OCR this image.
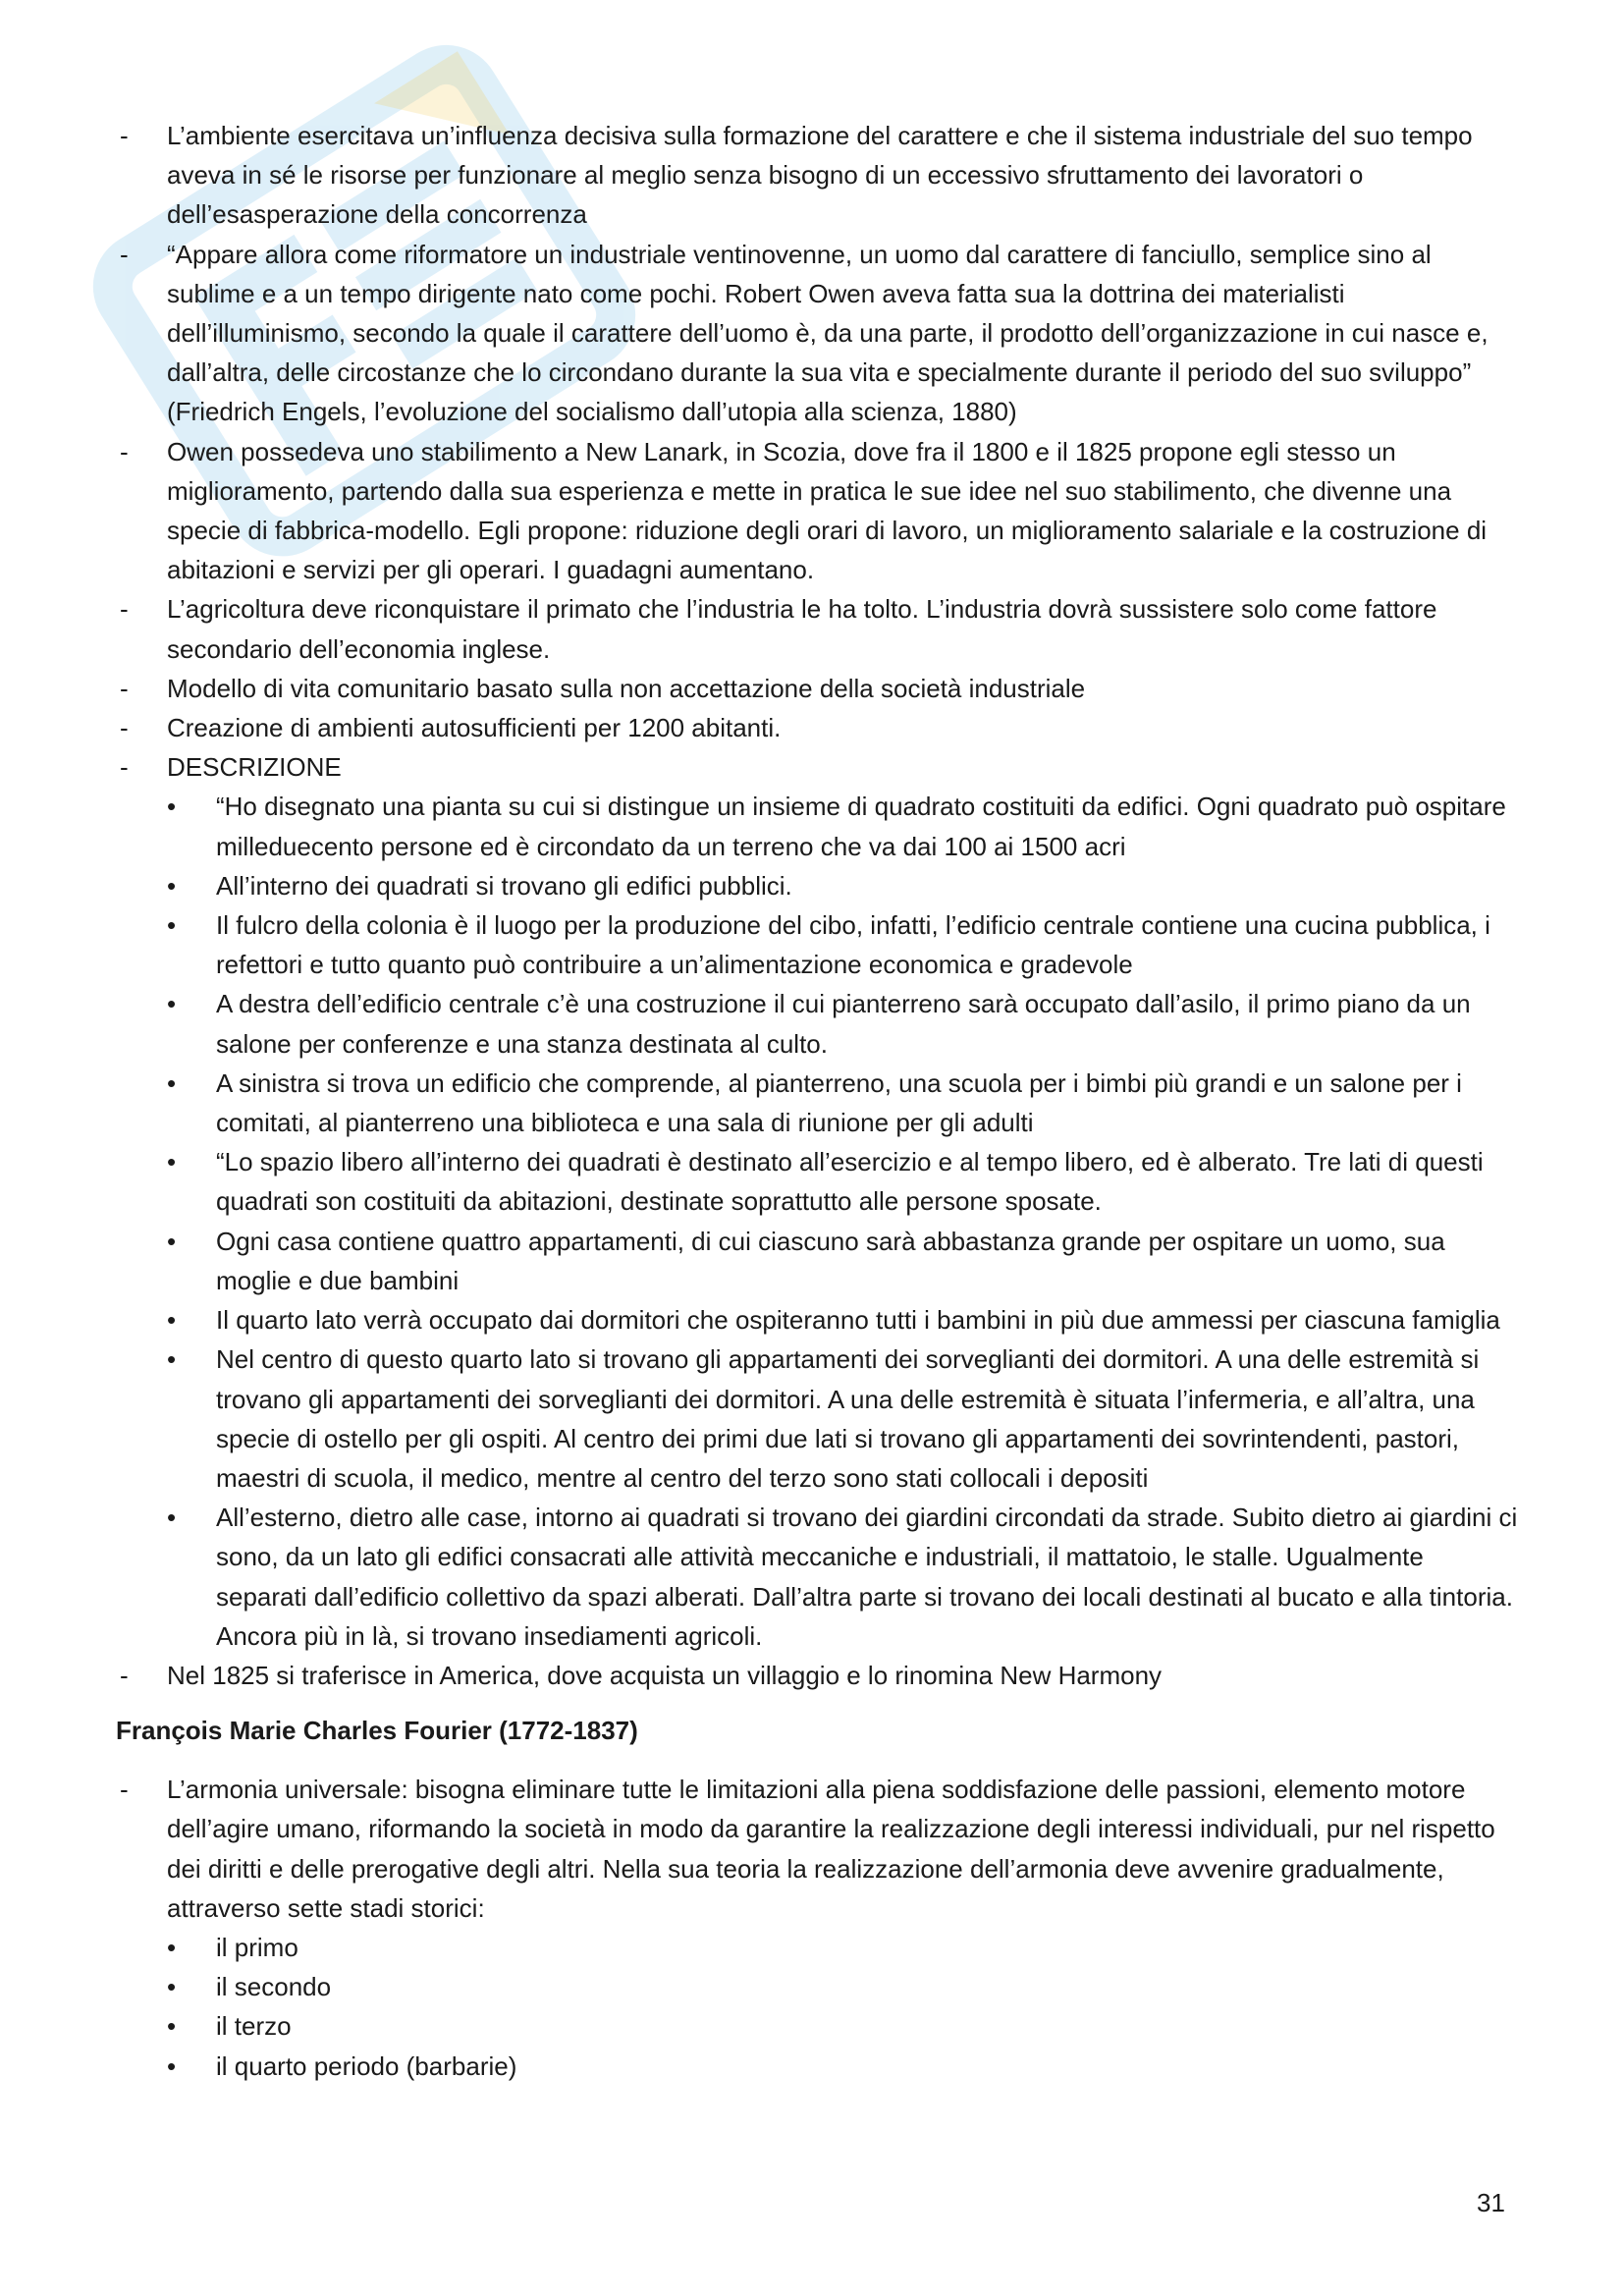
- L’ambiente esercitava un’influenza decisiva sulla formazione del carattere e che il sistema industriale del suo tempo aveva in sé le risorse per funzionare al meglio senza bisogno di un eccessivo sfruttamento dei lavoratori o dell’esasperazione della concorrenza
- “Appare allora come riformatore un industriale ventinovenne, un uomo dal carattere di fanciullo, semplice sino al sublime e a un tempo dirigente nato come pochi. Robert Owen aveva fatta sua la dottrina dei materialisti dell’illuminismo, secondo la quale il carattere dell’uomo è, da una parte, il prodotto dell’organizzazione in cui nasce e, dall’altra, delle circostanze che lo circondano durante la sua vita e specialmente durante il periodo del suo sviluppo” (Friedrich Engels, l’evoluzione del socialismo dall’utopia alla scienza, 1880)
- Owen possedeva uno stabilimento a New Lanark, in Scozia, dove fra il 1800 e il 1825 propone egli stesso un miglioramento, partendo dalla sua esperienza e mette in pratica le sue idee nel suo stabilimento, che divenne una specie di fabbrica-modello. Egli propone: riduzione degli orari di lavoro, un miglioramento salariale e la costruzione di abitazioni e servizi per gli operari. I guadagni aumentano.
- L’agricoltura deve riconquistare il primato che l’industria le ha tolto. L’industria dovrà sussistere solo come fattore secondario dell’economia inglese.
- Modello di vita comunitario basato sulla non accettazione della società industriale
- Creazione di ambienti autosufficienti per 1200 abitanti.
- DESCRIZIONE
• “Ho disegnato una pianta su cui si distingue un insieme di quadrato costituiti da edifici. Ogni quadrato può ospitare milleduecento persone ed è circondato da un terreno che va dai 100 ai 1500 acri
• All’interno dei quadrati si trovano gli edifici pubblici.
• Il fulcro della colonia è il luogo per la produzione del cibo, infatti, l’edificio centrale contiene una cucina pubblica, i refettori e tutto quanto può contribuire a un’alimentazione economica e gradevole
• A destra dell’edificio centrale c’è una costruzione il cui pianterreno sarà occupato dall’asilo, il primo piano da un salone per conferenze e una stanza destinata al culto.
• A sinistra si trova un edificio che comprende, al pianterreno, una scuola per i bimbi più grandi e un salone per i comitati, al pianterreno una biblioteca e una sala di riunione per gli adulti
• “Lo spazio libero all’interno dei quadrati è destinato all’esercizio e al tempo libero, ed è alberato. Tre lati di questi quadrati son costituiti da abitazioni, destinate soprattutto alle persone sposate.
• Ogni casa contiene quattro appartamenti, di cui ciascuno sarà abbastanza grande per ospitare un uomo, sua moglie e due bambini
• Il quarto lato verrà occupato dai dormitori che ospiteranno tutti i bambini in più due ammessi per ciascuna famiglia
• Nel centro di questo quarto lato si trovano gli appartamenti dei sorveglianti dei dormitori. A una delle estremità si trovano gli appartamenti dei sorveglianti dei dormitori. A una delle estremità è situata l’infermeria, e all’altra, una specie di ostello per gli ospiti. Al centro dei primi due lati si trovano gli appartamenti dei sovrintendenti, pastori, maestri di scuola, il medico, mentre al centro del terzo sono stati collocali i depositi
• All’esterno, dietro alle case, intorno ai quadrati si trovano dei giardini circondati da strade. Subito dietro ai giardini ci sono, da un lato gli edifici consacrati alle attività meccaniche e industriali, il mattatoio, le stalle. Ugualmente separati dall’edificio collettivo da spazi alberati. Dall’altra parte si trovano dei locali destinati al bucato e alla tintoria. Ancora più in là, si trovano insediamenti agricoli.
- Nel 1825 si traferisce in America, dove acquista un villaggio e lo rinomina New Harmony
François Marie Charles Fourier (1772-1837)
- L’armonia universale: bisogna eliminare tutte le limitazioni alla piena soddisfazione delle passioni, elemento motore dell’agire umano, riformando la società in modo da garantire la realizzazione degli interessi individuali, pur nel rispetto dei diritti e delle prerogative degli altri. Nella sua teoria la realizzazione dell’armonia deve avvenire gradualmente, attraverso sette stadi storici:
• il primo
• il secondo
• il terzo
• il quarto periodo (barbarie)
31
